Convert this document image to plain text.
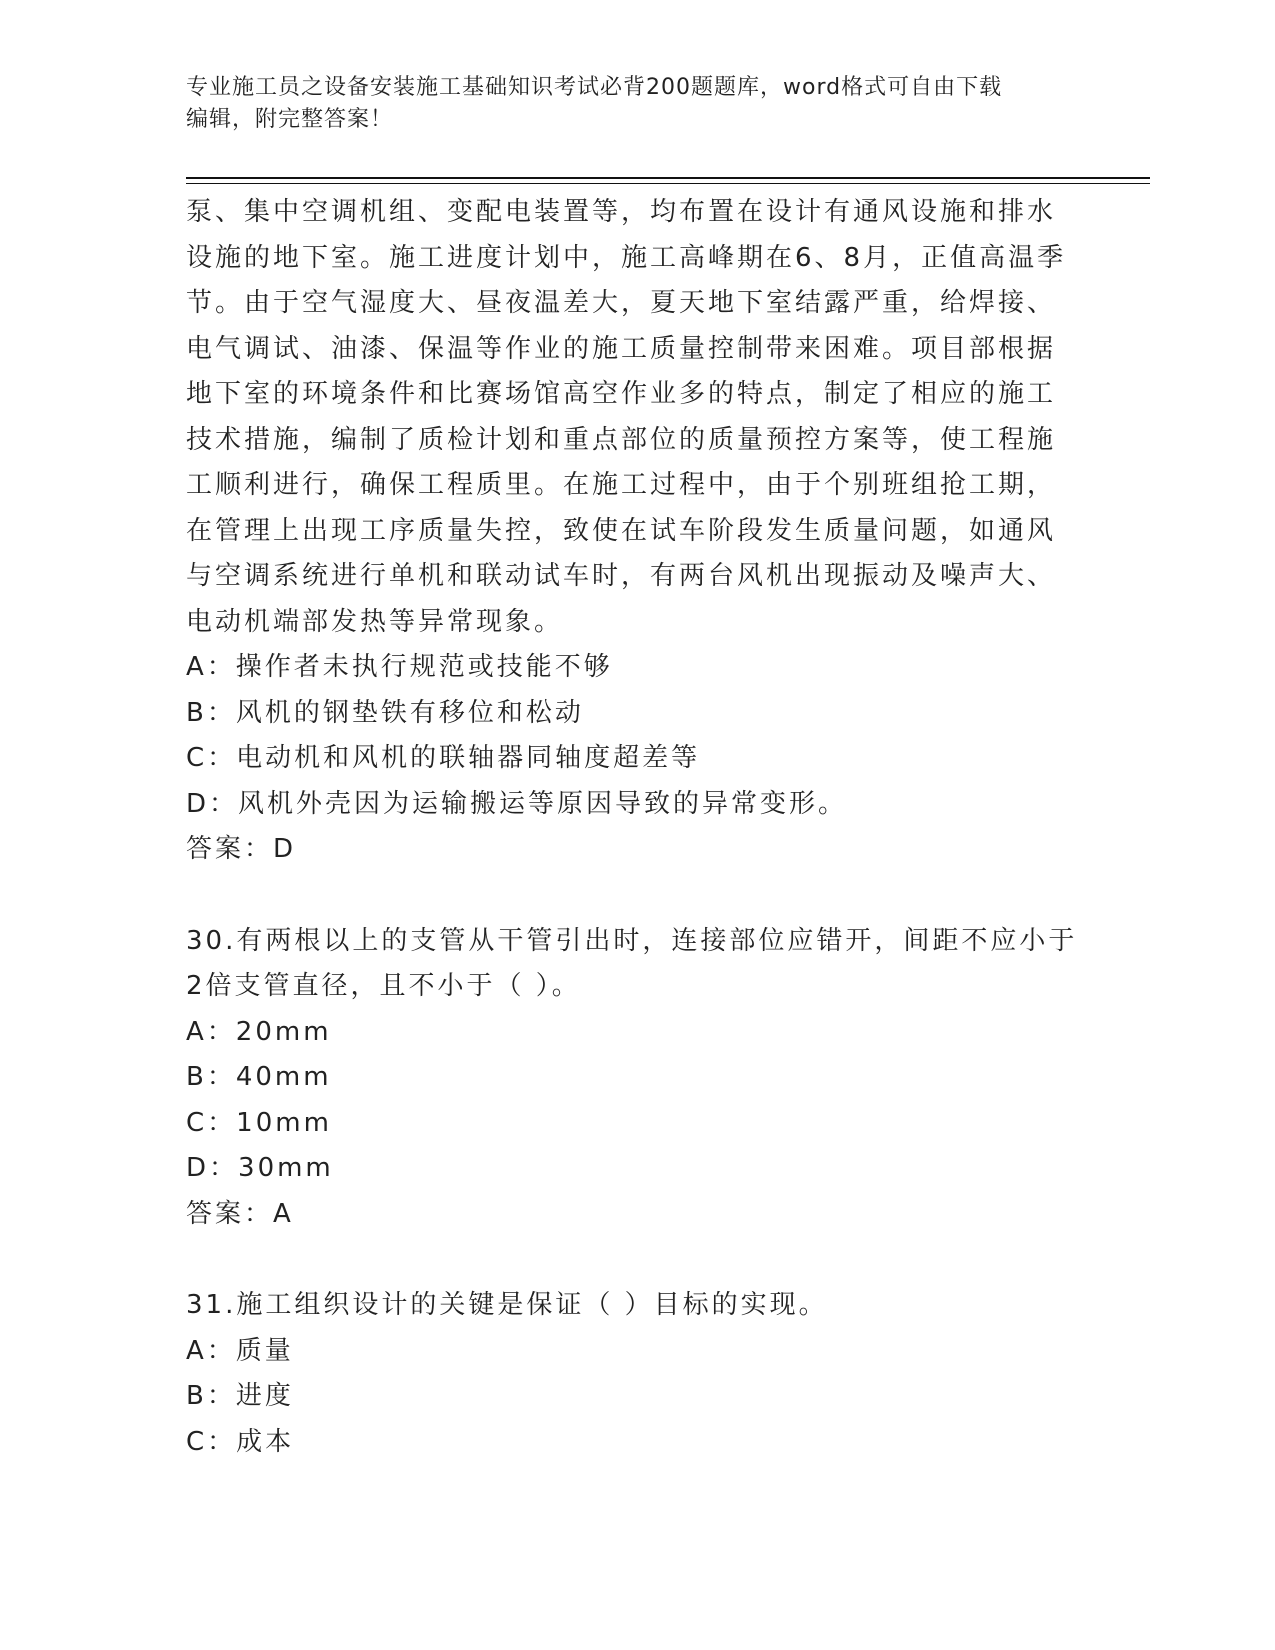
专业施工员之设备安装施工基础知识考试必背200题题库，word格式可自由下载
编辑，附完整答案！
泵、集中空调机组、变配电装置等，均布置在设计有通风设施和排水
设施的地下室。施工进度计划中，施工高峰期在6、8月，正值高温季
节。由于空气湿度大、昼夜温差大，夏天地下室结露严重，给焊接、
电气调试、油漆、保温等作业的施工质量控制带来困难。项目部根据
地下室的环境条件和比赛场馆高空作业多的特点，制定了相应的施工
技术措施，编制了质检计划和重点部位的质量预控方案等，使工程施
工顺利进行，确保工程质里。在施工过程中，由于个别班组抢工期，
在管理上出现工序质量失控，致使在试车阶段发生质量问题，如通风
与空调系统进行单机和联动试车时，有两台风机出现振动及噪声大、
电动机端部发热等异常现象。
A：操作者未执行规范或技能不够
B：风机的钢垫铁有移位和松动
C：电动机和风机的联轴器同轴度超差等
D：风机外壳因为运输搬运等原因导致的异常变形。
答案：D
30.有两根以上的支管从干管引出时，连接部位应错开，间距不应小于
2倍支管直径，且不小于（ ）。
A：20mm
B：40mm
C：10mm
D：30mm
答案：A
31.施工组织设计的关键是保证（ ）目标的实现。
A：质量
B：进度
C：成本
